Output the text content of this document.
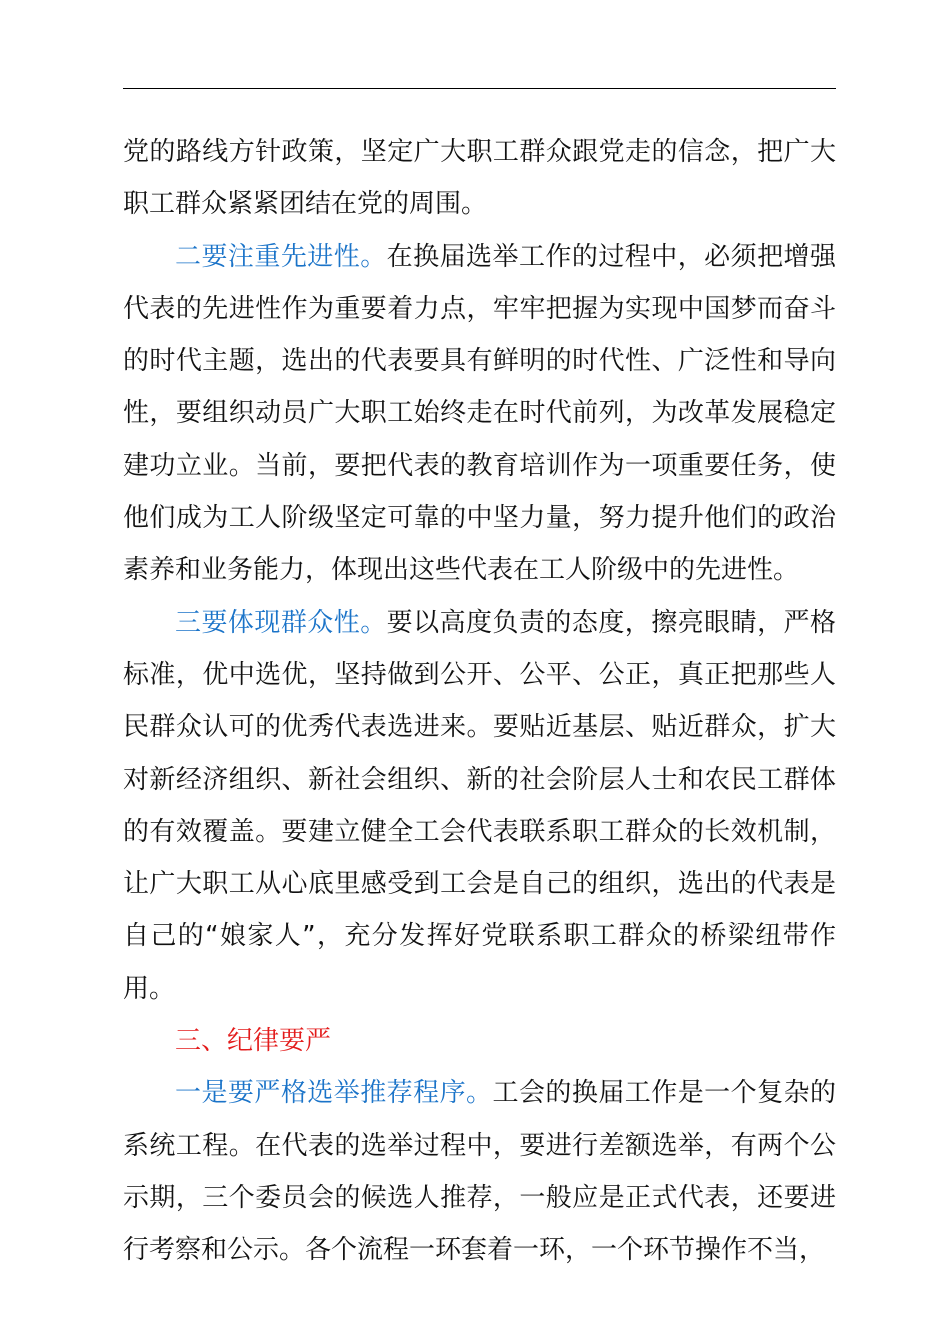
党的路线方针政策，坚定广大职工群众跟党走的信念，把广大职工群众紧紧团结在党的周围。

二要注重先进性。在换届选举工作的过程中，必须把增强代表的先进性作为重要着力点，牢牢把握为实现中国梦而奋斗的时代主题，选出的代表要具有鲜明的时代性、广泛性和导向性，要组织动员广大职工始终走在时代前列，为改革发展稳定建功立业。当前，要把代表的教育培训作为一项重要任务，使他们成为工人阶级坚定可靠的中坚力量，努力提升他们的政治素养和业务能力，体现出这些代表在工人阶级中的先进性。

三要体现群众性。要以高度负责的态度，擦亮眼睛，严格标准，优中选优，坚持做到公开、公平、公正，真正把那些人民群众认可的优秀代表选进来。要贴近基层、贴近群众，扩大对新经济组织、新社会组织、新的社会阶层人士和农民工群体的有效覆盖。要建立健全工会代表联系职工群众的长效机制，让广大职工从心底里感受到工会是自己的组织，选出的代表是自己的“娘家人”，充分发挥好党联系职工群众的桥梁纽带作用。

三、纪律要严

一是要严格选举推荐程序。工会的换届工作是一个复杂的系统工程。在代表的选举过程中，要进行差额选举，有两个公示期，三个委员会的候选人推荐，一般应是正式代表，还要进行考察和公示。各个流程一环套着一环，一个环节操作不当，
